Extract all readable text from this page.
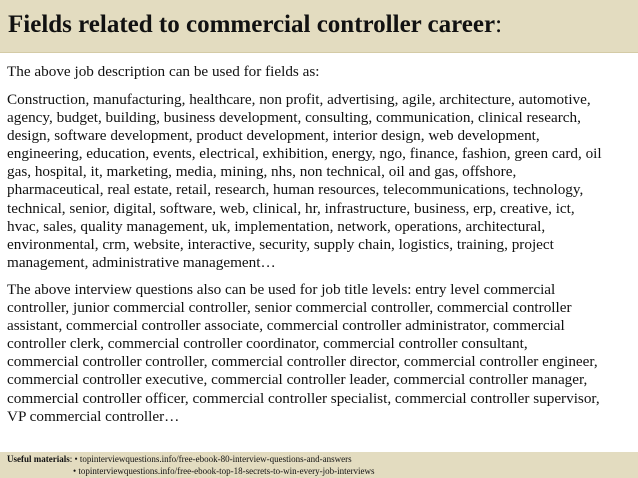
Fields related to commercial controller career:

The above job description can be used for fields as:

Construction, manufacturing, healthcare, non profit, advertising, agile, architecture, automotive,
agency, budget, building, business development, consulting, communication, clinical research,
design, software development, product development, interior design, web development,
engineering, education, events, electrical, exhibition, energy, ngo, finance, fashion, green card, oil
gas, hospital, it, marketing, media, mining, nhs, non technical, oil and gas, offshore,
pharmaceutical, real estate, retail, research, human resources, telecommunications, technology,
technical, senior, digital, software, web, clinical, hr, infrastructure, business, erp, creative, ict,
hvac, sales, quality management, uk, implementation, network, operations, architectural,
environmental, crm, website, interactive, security, supply chain, logistics, training, project
management, administrative management…

The above interview questions also can be used for job title levels: entry level commercial
controller, junior commercial controller, senior commercial controller, commercial controller
assistant, commercial controller associate, commercial controller administrator, commercial
controller clerk, commercial controller coordinator, commercial controller consultant,
commercial controller controller, commercial controller director, commercial controller engineer,
commercial controller executive, commercial controller leader, commercial controller manager,
commercial controller officer, commercial controller specialist, commercial controller supervisor,
VP commercial controller…

Useful materials: • topinterviewquestions.info/free-ebook-80-interview-questions-and-answers
• topinterviewquestions.info/free-ebook-top-18-secrets-to-win-every-job-interviews
